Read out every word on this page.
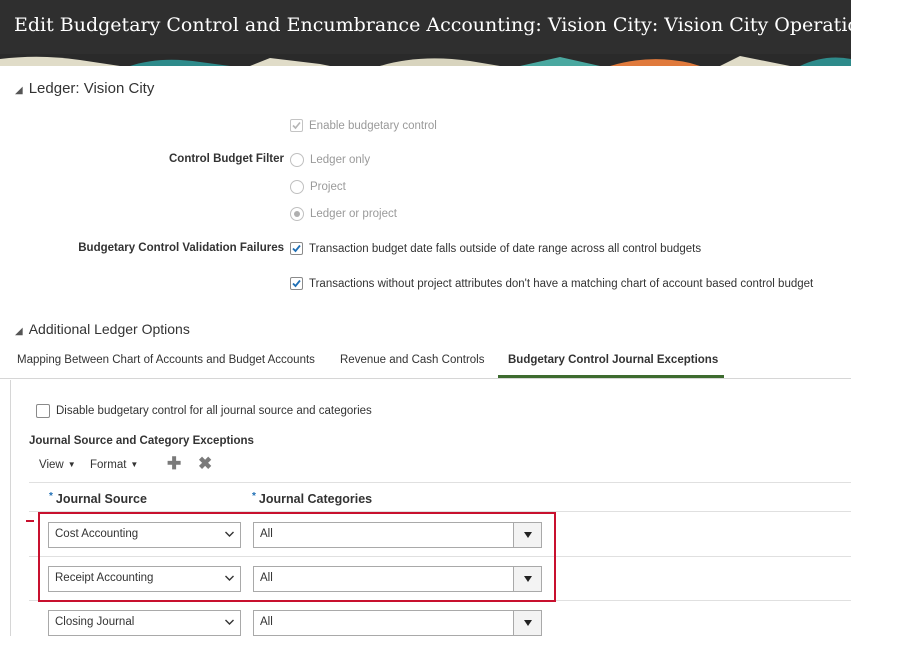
Edit Budgetary Control and Encumbrance Accounting: Vision City: Vision City Operations ?
◢ Ledger: Vision City
Enable budgetary control
Control Budget Filter Ledger only
Project
Ledger or project
Budgetary Control Validation Failures Transaction budget date falls outside of date range across all control budgets
Transactions without project attributes don't have a matching chart of account based control budget
◢ Additional Ledger Options
Mapping Between Chart of Accounts and Budget Accounts Revenue and Cash Controls Budgetary Control Journal Exceptions
Disable budgetary control for all journal source and categories
Journal Source and Category Exceptions
View ▼ Format ▼ ✚ ✖
* Journal Source	* Journal Categories
Cost Accounting	All
Receipt Accounting	All
Closing Journal	All
